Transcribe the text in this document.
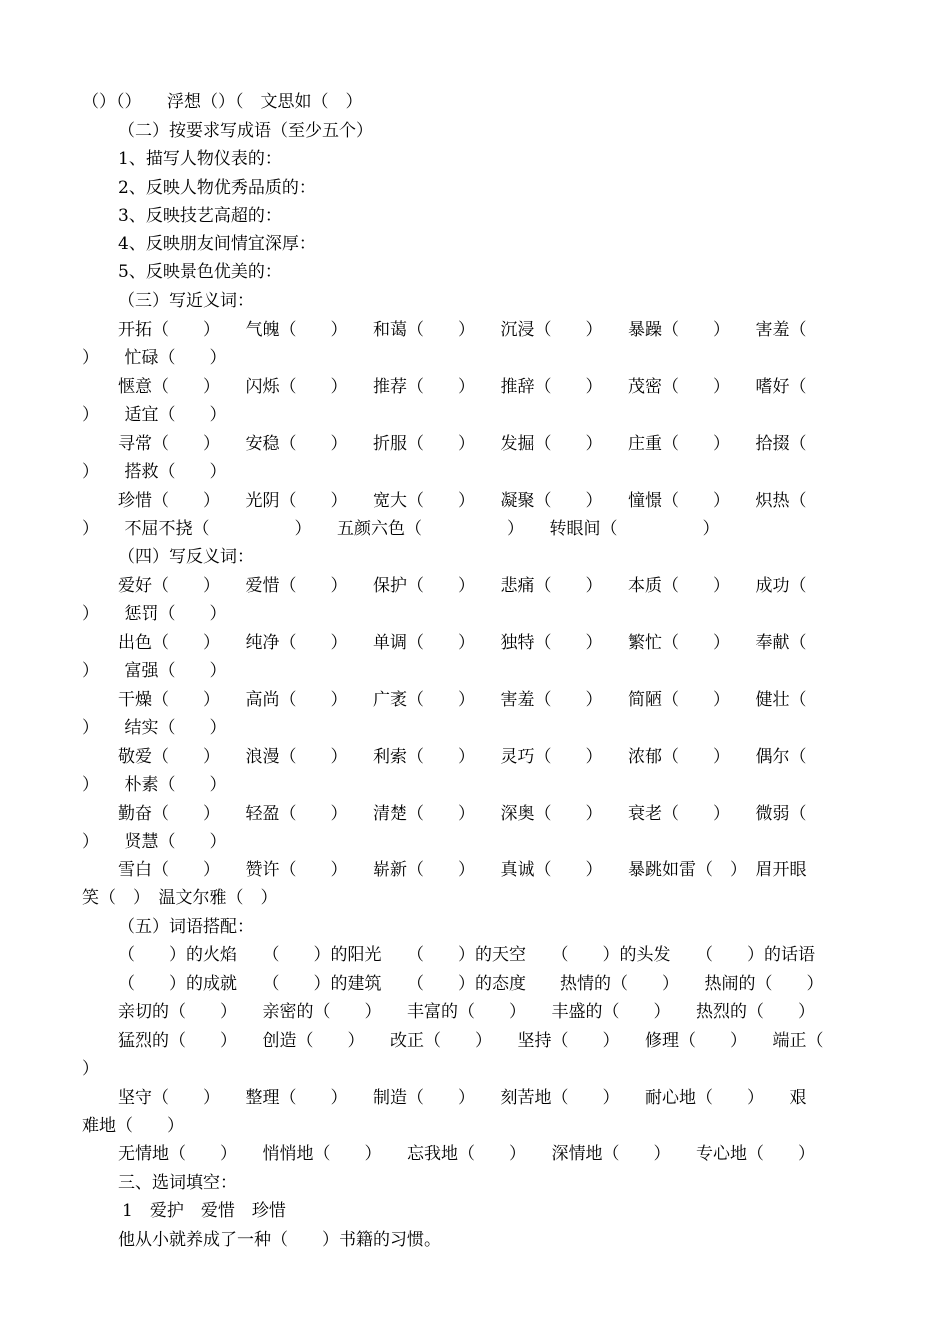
（）（）　　浮想（）（　文思如（　）
（二）按要求写成语（至少五个）
1、描写人物仪表的：
2、反映人物优秀品质的：
3、反映技艺高超的：
4、反映朋友间情宜深厚：
5、反映景色优美的：
（三）写近义词：
开拓（　　）　　气魄（　　）　　和蔼（　　）　　沉浸（　　）　　暴躁（　　）　　害羞（
）　　忙碌（　　）
惬意（　　）　　闪烁（　　）　　推荐（　　）　　推辞（　　）　　茂密（　　）　　嗜好（
）　　适宜（　　）
寻常（　　）　　安稳（　　）　　折服（　　）　　发掘（　　）　　庄重（　　）　　拾掇（
）　　搭救（　　）
珍惜（　　）　　光阴（　　）　　宽大（　　）　　凝聚（　　）　　憧憬（　　）　　炽热（
）　　不屈不挠（　　　　　）　　五颜六色（　　　　　）　　转眼间（　　　　　）
（四）写反义词：
爱好（　　）　　爱惜（　　）　　保护（　　）　　悲痛（　　）　　本质（　　）　　成功（
）　　惩罚（　　）
出色（　　）　　纯净（　　）　　单调（　　）　　独特（　　）　　繁忙（　　）　　奉献（
）　　富强（　　）
干燥（　　）　　高尚（　　）　　广袤（　　）　　害羞（　　）　　简陋（　　）　　健壮（
）　　结实（　　）
敬爱（　　）　　浪漫（　　）　　利索（　　）　　灵巧（　　）　　浓郁（　　）　　偶尔（
）　　朴素（　　）
勤奋（　　）　　轻盈（　　）　　清楚（　　）　　深奥（　　）　　衰老（　　）　　微弱（
）　　贤慧（　　）
雪白（　　）　　赞许（　　）　　崭新（　　）　　真诚（　　）　　暴跳如雷（　）　眉开眼
笑（　）　温文尔雅（　）
（五）词语搭配：
（　　）的火焰　　（　　）的阳光　　（　　）的天空　　（　　）的头发　　（　　）的话语
（　　）的成就　　（　　）的建筑　　（　　）的态度　　热情的（　　）　　热闹的（　　）
亲切的（　　）　　亲密的（　　）　　丰富的（　　）　　丰盛的（　　）　　热烈的（　　）
猛烈的（　　）　　创造（　　）　　改正（　　）　　坚持（　　）　　修理（　　）　　端正（
）
坚守（　　）　　整理（　　）　　制造（　　）　　刻苦地（　　）　　耐心地（　　）　　艰
难地（　　）
无情地（　　）　　悄悄地（　　）　　忘我地（　　）　　深情地（　　）　　专心地（　　）
三、选词填空：
1　爱护　爱惜　珍惜
他从小就养成了一种（　　）书籍的习惯。
